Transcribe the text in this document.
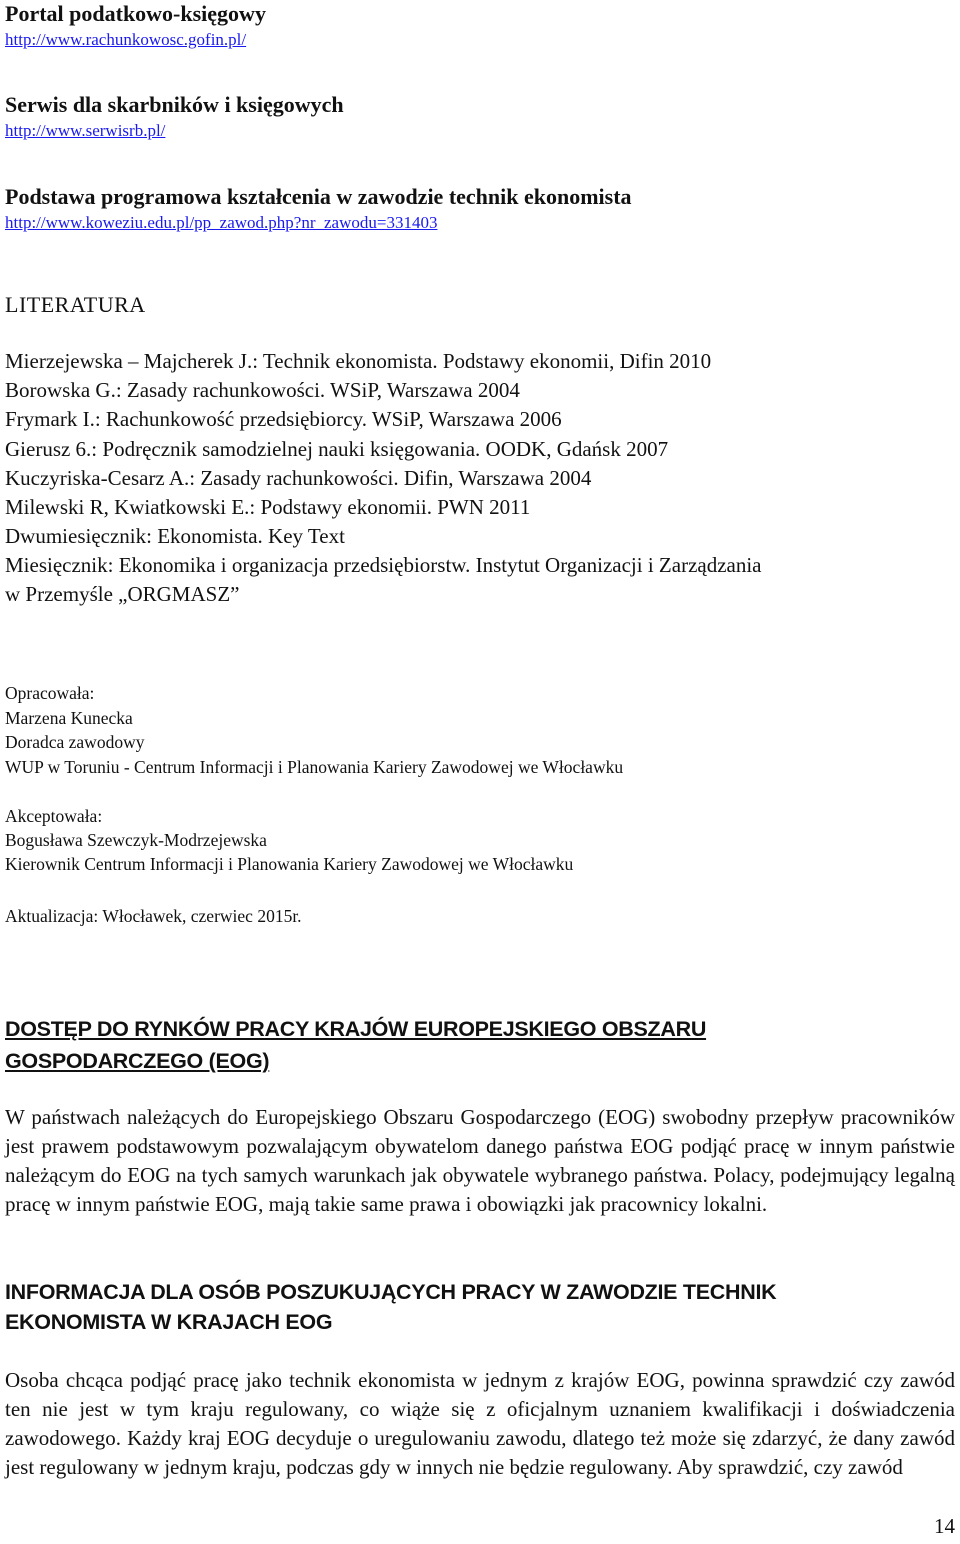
Portal podatkowo-księgowy
http://www.rachunkowosc.gofin.pl/
Serwis dla skarbników i księgowych
http://www.serwisrb.pl/
Podstawa programowa kształcenia w zawodzie technik ekonomista
http://www.koweziu.edu.pl/pp_zawod.php?nr_zawodu=331403
LITERATURA
Mierzejewska – Majcherek J.: Technik ekonomista. Podstawy ekonomii, Difin 2010
Borowska G.: Zasady rachunkowości. WSiP, Warszawa 2004
Frymark I.: Rachunkowość przedsiębiorcy. WSiP, Warszawa 2006
Gierusz 6.: Podręcznik samodzielnej nauki księgowania. OODK, Gdańsk 2007
Kuczyriska-Cesarz A.: Zasady rachunkowości. Difin, Warszawa 2004
Milewski R, Kwiatkowski E.: Podstawy ekonomii. PWN 2011
Dwumiesięcznik: Ekonomista. Key Text
Miesięcznik: Ekonomika i organizacja przedsiębiorstw. Instytut Organizacji i Zarządzania
w Przemyśle „ORGMASZ”
Opracowała:
Marzena Kunecka
Doradca zawodowy
WUP w Toruniu - Centrum Informacji i Planowania Kariery Zawodowej we Włocławku
Akceptowała:
Bogusława Szewczyk-Modrzejewska
Kierownik Centrum Informacji i Planowania Kariery Zawodowej we Włocławku
Aktualizacja: Włocławek, czerwiec 2015r.
DOSTĘP DO RYNKÓW PRACY KRAJÓW EUROPEJSKIEGO OBSZARU
GOSPODARCZEGO (EOG)
W państwach należących do Europejskiego Obszaru Gospodarczego (EOG) swobodny przepływ pracowników jest prawem podstawowym pozwalającym obywatelom danego państwa EOG podjąć pracę w innym państwie należącym do EOG na tych samych warunkach jak obywatele wybranego państwa. Polacy, podejmujący legalną pracę w innym państwie EOG, mają takie same prawa i obowiązki jak pracownicy lokalni.
INFORMACJA DLA OSÓB POSZUKUJĄCYCH PRACY W ZAWODZIE TECHNIK
EKONOMISTA W KRAJACH EOG
Osoba chcąca podjąć pracę jako technik ekonomista w jednym z krajów EOG, powinna sprawdzić czy zawód ten nie jest w tym kraju regulowany, co wiąże się z oficjalnym uznaniem kwalifikacji i doświadczenia zawodowego. Każdy kraj EOG decyduje o uregulowaniu zawodu, dlatego też może się zdarzyć, że dany zawód jest regulowany w jednym kraju, podczas gdy w innych nie będzie regulowany. Aby sprawdzić, czy zawód
14
